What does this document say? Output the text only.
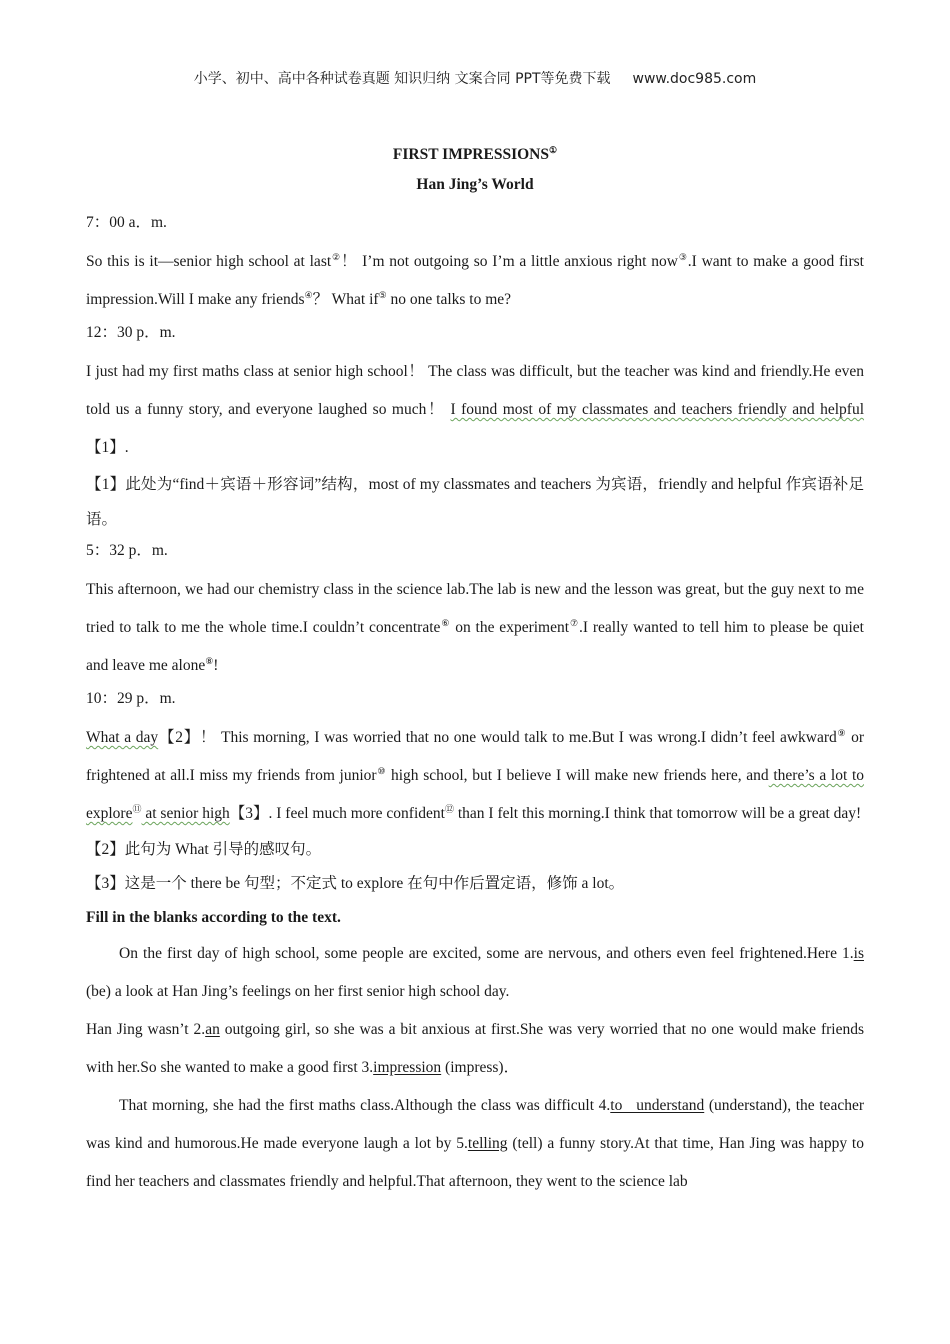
小学、初中、高中各种试卷真题 知识归纳 文案合同 PPT等免费下载 www.doc985.com
FIRST IMPRESSIONS①
Han Jing’s World
7：00 a．m.
So this is it—senior high school at last②！ I’m not outgoing so I’m a little anxious right now③.I want to make a good first impression.Will I make any friends④？ What if⑤ no one talks to me?
12：30 p．m.
I just had my first maths class at senior high school！ The class was difficult, but the teacher was kind and friendly.He even told us a funny story, and everyone laughed so much！ I found most of my classmates and teachers friendly and helpful【1】.
【1】此处为“find＋宾语＋形容词”结构，most of my classmates and teachers 为宾语，friendly and helpful 作宾语补足语。
5：32 p．m.
This afternoon, we had our chemistry class in the science lab.The lab is new and the lesson was great, but the guy next to me tried to talk to me the whole time.I couldn’t concentrate⑥ on the experiment⑦.I really wanted to tell him to please be quiet and leave me alone⑧!
10：29 p．m.
What a day【2】！ This morning, I was worried that no one would talk to me.But I was wrong.I didn’t feel awkward⑨ or frightened at all.I miss my friends from junior⑩ high school, but I believe I will make new friends here, and there’s a lot to explore⑪ at senior high【3】. I feel much more confident⑫ than I felt this morning.I think that tomorrow will be a great day!
【2】此句为 What 引导的感叹句。
【3】这是一个 there be 句型；不定式 to explore 在句中作后置定语，修饰 a lot。
Fill in the blanks according to the text.
On the first day of high school, some people are excited, some are nervous, and others even feel frightened.Here 1.is (be) a look at Han Jing’s feelings on her first senior high school day.
Han Jing wasn’t 2.an outgoing girl, so she was a bit anxious at first.She was very worried that no one would make friends with her.So she wanted to make a good first 3.impression (impress)．
That morning, she had the first maths class.Although the class was difficult 4.to   understand (understand), the teacher was kind and humorous.He made everyone laugh a lot by 5.telling (tell) a funny story.At that time, Han Jing was happy to find her teachers and classmates friendly and helpful.That afternoon, they went to the science lab
